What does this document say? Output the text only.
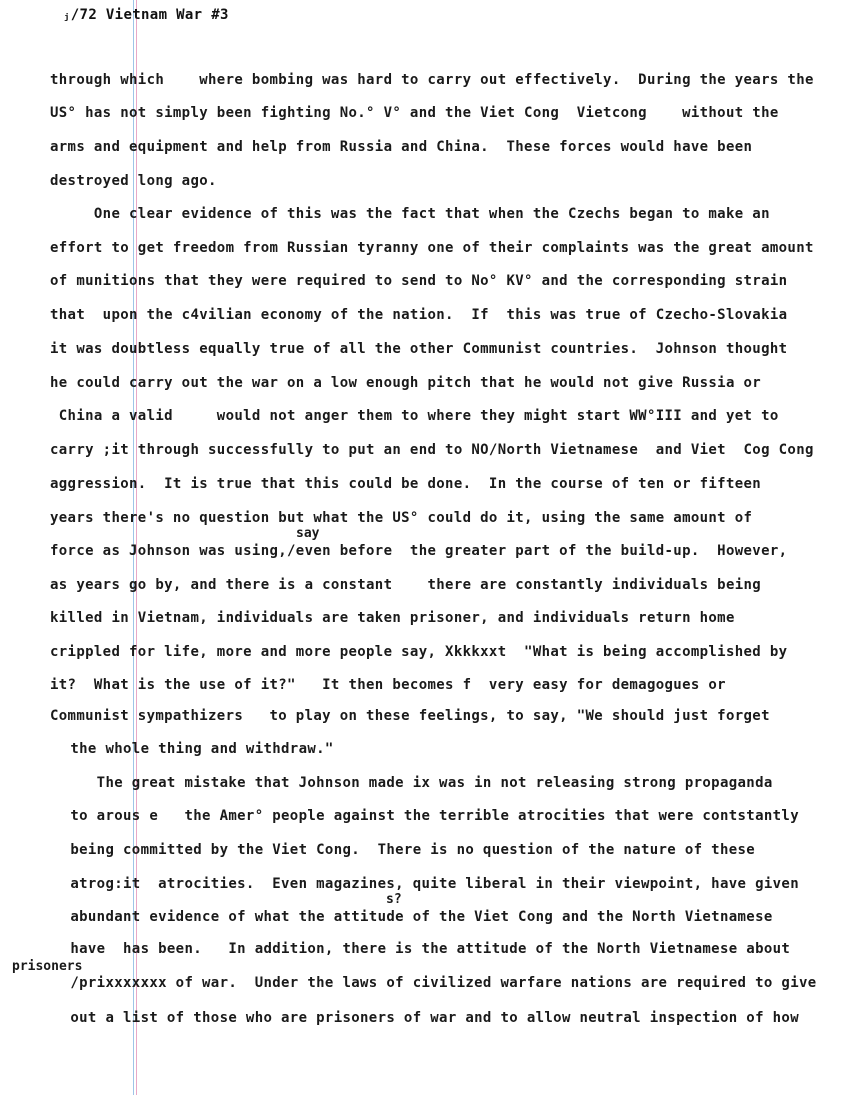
ⱼ/72 Vietnam War #3
through which    where bombing was hard to carry out effectively.  During the years the
US° has not simply been fighting No.° V° and the Viet Cong  Vietcong    without the
arms and equipment and help from Russia and China.  These forces would have been
destroyed long ago.
One clear evidence of this was the fact that when the Czechs began to make an
effort to get freedom from Russian tyranny one of their complaints was the great amount
of munitions that they were required to send to No° KV° and the corresponding strain
that  upon the c4vilian economy of the nation.  If  this was true of Czecho-Slovakia
it was doubtless equally true of all the other Communist countries.  Johnson thought
he could carry out the war on a low enough pitch that he would not give Russia or
China a valid     would not anger them to where they might start WW°III and yet to
carry ;it through successfully to put an end to NO/North Vietnamese  and Viet  Cog Cong
aggression.  It is true that this could be done.  In the course of ten or fifteen
years there's no question but what the US° could do it, using the same amount of
say
force as Johnson was using,/even before  the greater part of the build-up.  However,
as years go by, and there is a constant    there are constantly individuals being
killed in Vietnam, individuals are taken prisoner, and individuals return home
crippled for life, more and more people say, Xkkkxxt  "What is being accomplished by
it?  What is the use of it?"   It then becomes f  very easy for demagogues or
Communist sympathizers   to play on these feelings, to say, "We should just forget
the whole thing and withdraw."
The great mistake that Johnson made ix was in not releasing strong propaganda
to arous e   the Amer° people against the terrible atrocities that were contstantly
being committed by the Viet Cong.  There is no question of the nature of these
atrog:it  atrocities.  Even magazines, quite liberal in their viewpoint, have given
s?
abundant evidence of what the attitude of the Viet Cong and the North Vietnamese
have  has been.   In addition, there is the attitude of the North Vietnamese about
prisoners
/prixxxxxxx of war.  Under the laws of civilized warfare nations are required to give
out a list of those who are prisoners of war and to allow neutral inspection of how
